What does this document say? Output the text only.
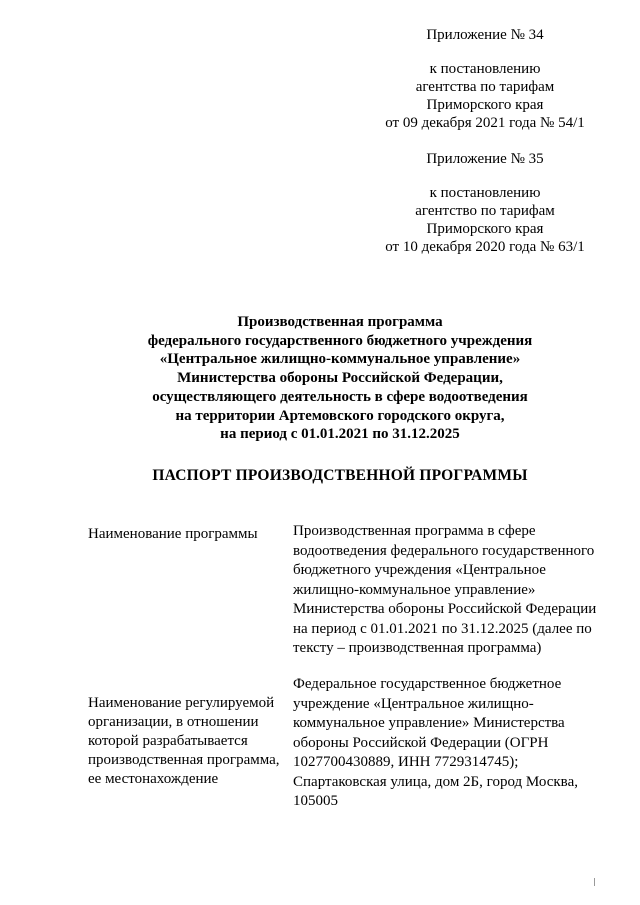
Приложение № 34
к постановлению
агентства по тарифам
Приморского края
от 09 декабря 2021 года № 54/1
Приложение № 35
к постановлению
агентство по тарифам
Приморского края
от 10 декабря 2020 года № 63/1
Производственная программа
федерального государственного бюджетного учреждения
«Центральное жилищно-коммунальное управление»
Министерства обороны Российской Федерации,
осуществляющего деятельность в сфере водоотведения
на территории Артемовского городского округа,
на период с 01.01.2021 по 31.12.2025
ПАСПОРТ ПРОИЗВОДСТВЕННОЙ ПРОГРАММЫ
Наименование программы	Производственная программа в сфере
водоотведения федерального государственного
бюджетного учреждения «Центральное
жилищно-коммунальное управление»
Министерства обороны Российской Федерации
на период с 01.01.2021 по 31.12.2025 (далее по
тексту – производственная программа)
Наименование регулируемой
организации, в отношении
которой разрабатывается
производственная программа,
ее местонахождение
Федеральное государственное бюджетное
учреждение «Центральное жилищно-
коммунальное управление» Министерства
обороны Российской Федерации (ОГРН
1027700430889, ИНН 7729314745);
Спартаковская улица, дом 2Б, город Москва,
105005
